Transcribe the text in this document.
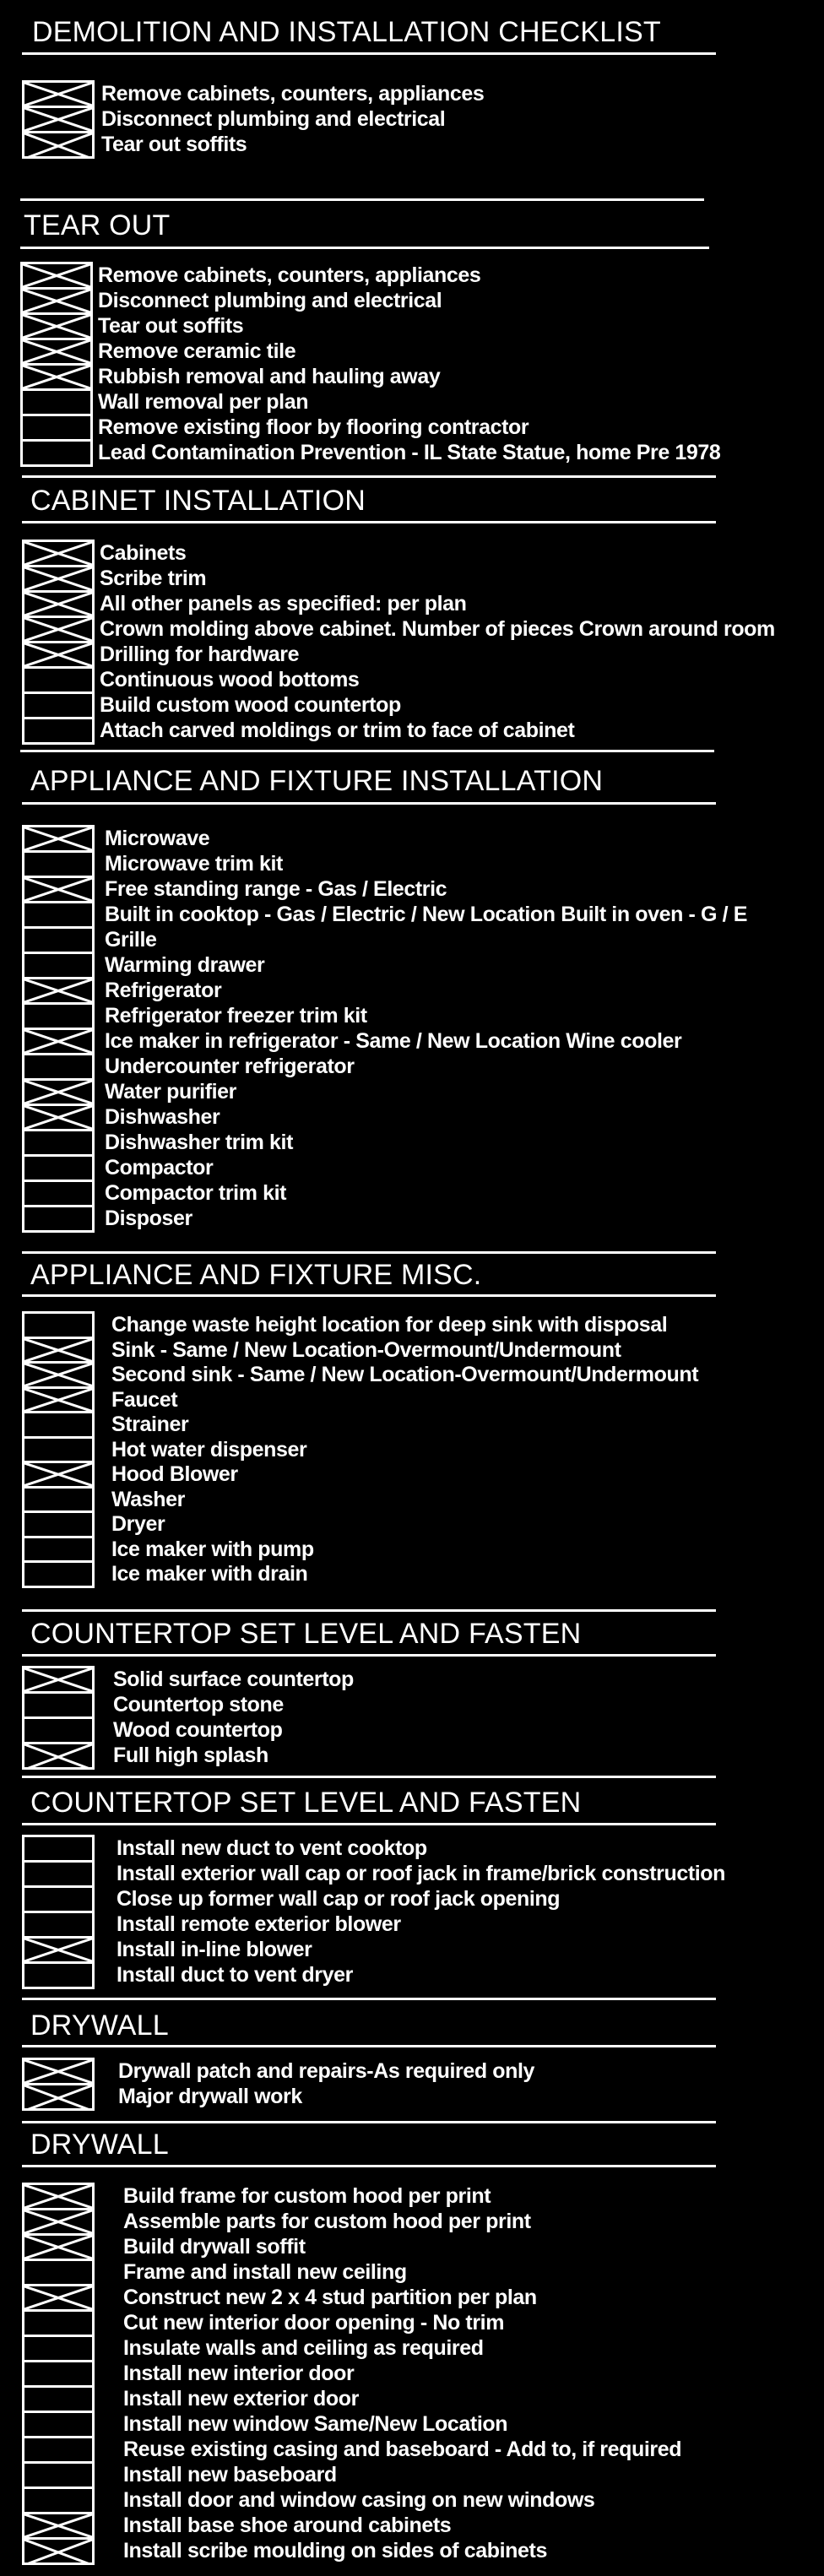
DEMOLITION AND INSTALLATION CHECKLIST
Remove cabinets, counters, appliances
Disconnect plumbing and electrical
Tear out soffits
TEAR OUT
Remove cabinets, counters, appliances
Disconnect plumbing and electrical
Tear out soffits
Remove ceramic tile
Rubbish removal and hauling away
Wall removal per plan
Remove existing floor by flooring contractor
Lead Contamination Prevention - IL State Statue, home Pre 1978
CABINET INSTALLATION
Cabinets
Scribe trim
All other panels as specified: per plan
Crown molding above cabinet. Number of pieces Crown around room
Drilling for hardware
Continuous wood bottoms
Build custom wood countertop
Attach carved moldings or trim to face of cabinet
APPLIANCE AND FIXTURE INSTALLATION
Microwave
Microwave trim kit
Free standing range - Gas / Electric
Built in cooktop - Gas / Electric / New Location Built in oven - G / E
Grille
Warming drawer
Refrigerator
Refrigerator freezer trim kit
Ice maker in refrigerator - Same / New Location Wine cooler
Undercounter refrigerator
Water purifier
Dishwasher
Dishwasher trim kit
Compactor
Compactor trim kit
Disposer
APPLIANCE AND FIXTURE MISC.
Change waste height location for deep sink with disposal
Sink - Same / New Location-Overmount/Undermount
Second sink - Same / New Location-Overmount/Undermount
Faucet
Strainer
Hot water dispenser
Hood Blower
Washer
Dryer
Ice maker with pump
Ice maker with drain
COUNTERTOP SET LEVEL AND FASTEN
Solid surface countertop
Countertop stone
Wood countertop
Full high splash
COUNTERTOP SET LEVEL AND FASTEN
Install new duct to vent cooktop
Install exterior wall cap or roof jack in frame/brick construction
Close up former wall cap or roof jack opening
Install remote exterior blower
Install in-line blower
Install duct to vent dryer
DRYWALL
Drywall patch and repairs-As required only
Major drywall work
DRYWALL
Build frame for custom hood per print
Assemble parts for custom hood per print
Build drywall soffit
Frame and install new ceiling
Construct new 2 x 4 stud partition per plan
Cut new interior door opening - No trim
Insulate walls and ceiling as required
Install new interior door
Install new exterior door
Install new window Same/New Location
Reuse existing casing and baseboard - Add to, if required
Install new baseboard
Install door and window casing on new windows
Install base shoe around cabinets
Install scribe moulding on sides of cabinets
